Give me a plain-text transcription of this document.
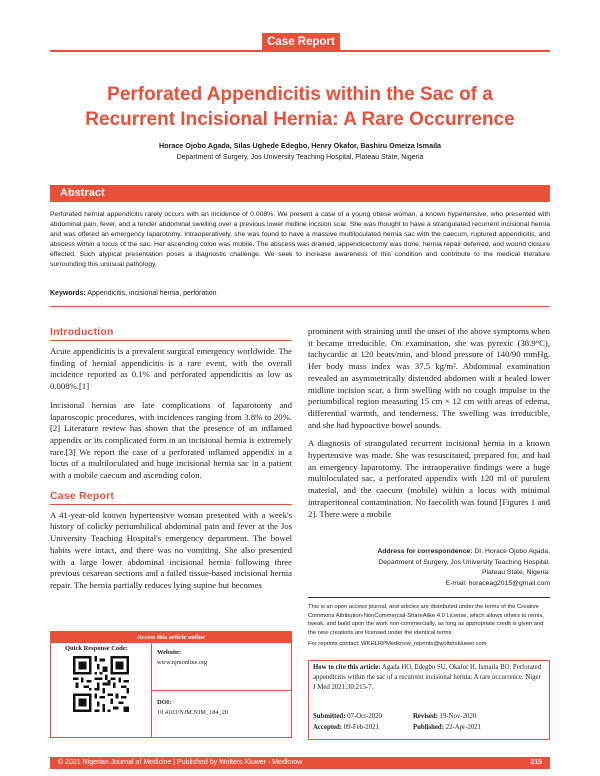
Case Report
Perforated Appendicitis within the Sac of a Recurrent Incisional Hernia: A Rare Occurrence
Horace Ojobo Agada, Silas Ughede Edegbo, Henry Okafor, Bashiru Omeiza Ismaila
Department of Surgery, Jos University Teaching Hospital, Plateau State, Nigeria
Abstract
Perforated hernial appendicitis rarely occurs with an incidence of 0.008%. We present a case of a young obese woman, a known hypertensive, who presented with abdominal pain, fever, and a tender abdominal swelling over a previous lower midline incision scar. She was thought to have a strangulated recurrent incisional hernia and was offered an emergency laparotomy. Intraoperatively, she was found to have a massive multiloculated hernia sac with the caecum, ruptured appendicitis, and abscess within a locus of the sac. Her ascending colon was mobile. The abscess was drained, appendicectomy was done, hernia repair deferred, and wound closure effected. Such atypical presentation poses a diagnostic challenge. We seek to increase awareness of this condition and contribute to the medical literature surrounding this unusual pathology.
Keywords: Appendicitis, incisional hernia, perforation
Introduction

Acute appendicitis is a prevalent surgical emergency worldwide. The finding of hernial appendicitis is a rare event, with the overall incidence reported as 0.1% and perforated appendicitis as low as 0.008%.[1]

Incisional hernias are late complications of laparotomy and laparoscopic procedures, with incidences ranging from 3.8% to 20%.[2] Literature review has shown that the presence of an inflamed appendix or its complicated form in an incisional hernia is extremely rare.[3] We report the case of a perforated inflamed appendix in a locus of a multiloculated and huge incisional hernia sac in a patient with a mobile caecum and ascending colon.

Case Report

A 41-year-old known hypertensive woman presented with a week's history of colicky periumbilical abdominal pain and fever at the Jos University Teaching Hospital's emergency department. The bowel habits were intact, and there was no vomiting. She also presented with a large lower abdominal incisional hernia following three previous cesarean sections and a failed tissue-based incisional hernia repair. The hernia partially reduces lying supine but becomes

prominent with straining until the onset of the above symptoms when it became irreducible. On examination, she was pyrexic (38.9°C), tachycardic at 120 beats/min, and blood pressure of 140/90 mmHg. Her body mass index was 37.5 kg/m². Abdominal examination revealed an asymmetrically distended abdomen with a healed lower midline incision scar, a firm swelling with no cough impulse in the periumbilical region measuring 15 cm × 12 cm with areas of edema, differential warmth, and tenderness. The swelling was irreducible, and she had hypoactive bowel sounds.

A diagnosis of strangulated recurrent incisional hernia in a known hypertensive was made. She was resuscitated, prepared for, and had an emergency laparotomy. The intraoperative findings were a huge multiloculated sac, a perforated appendix with 120 ml of purulent material, and the caecum (mobile) within a locus with minimal intraperitoneal contamination. No faecolith was found [Figures 1 and 2]. There were a mobile

Address for correspondence: Dr. Horace Ojobo Agada,
Department of Surgery, Jos University Teaching Hospital,
Plateau State, Nigeria.
E-mail: horaceag2015@gmail.com
This is an open access journal, and articles are distributed under the terms of the Creative Commons Attribution-NonCommercial-ShareAlike 4.0 License, which allows others to remix, tweak, and build upon the work non-commercially, as long as appropriate credit is given and the new creations are licensed under the identical terms.
For reprints contact: WKHLRPMedknow_reprints@wolterskluwer.com
How to cite this article: Agada HO, Edegbo SU, Okafor H, Ismaila BO. Perforated appendicitis within the sac of a recurrent incisional hernia: A rare occurrence. Niger J Med 2021;30:215-7.
Submitted: 07-Oct-2020	Revised: 19-Nov-2020
Accepted: 09-Feb-2021	Published: 22-Apr-2021
Access this article online
Quick Response Code:
Website:
www.njmonline.org
DOI:
10.4103/NJM.NJM_184_20
© 2021 Nigerian Journal of Medicine | Published by Wolters Kluwer - Medknow	215
